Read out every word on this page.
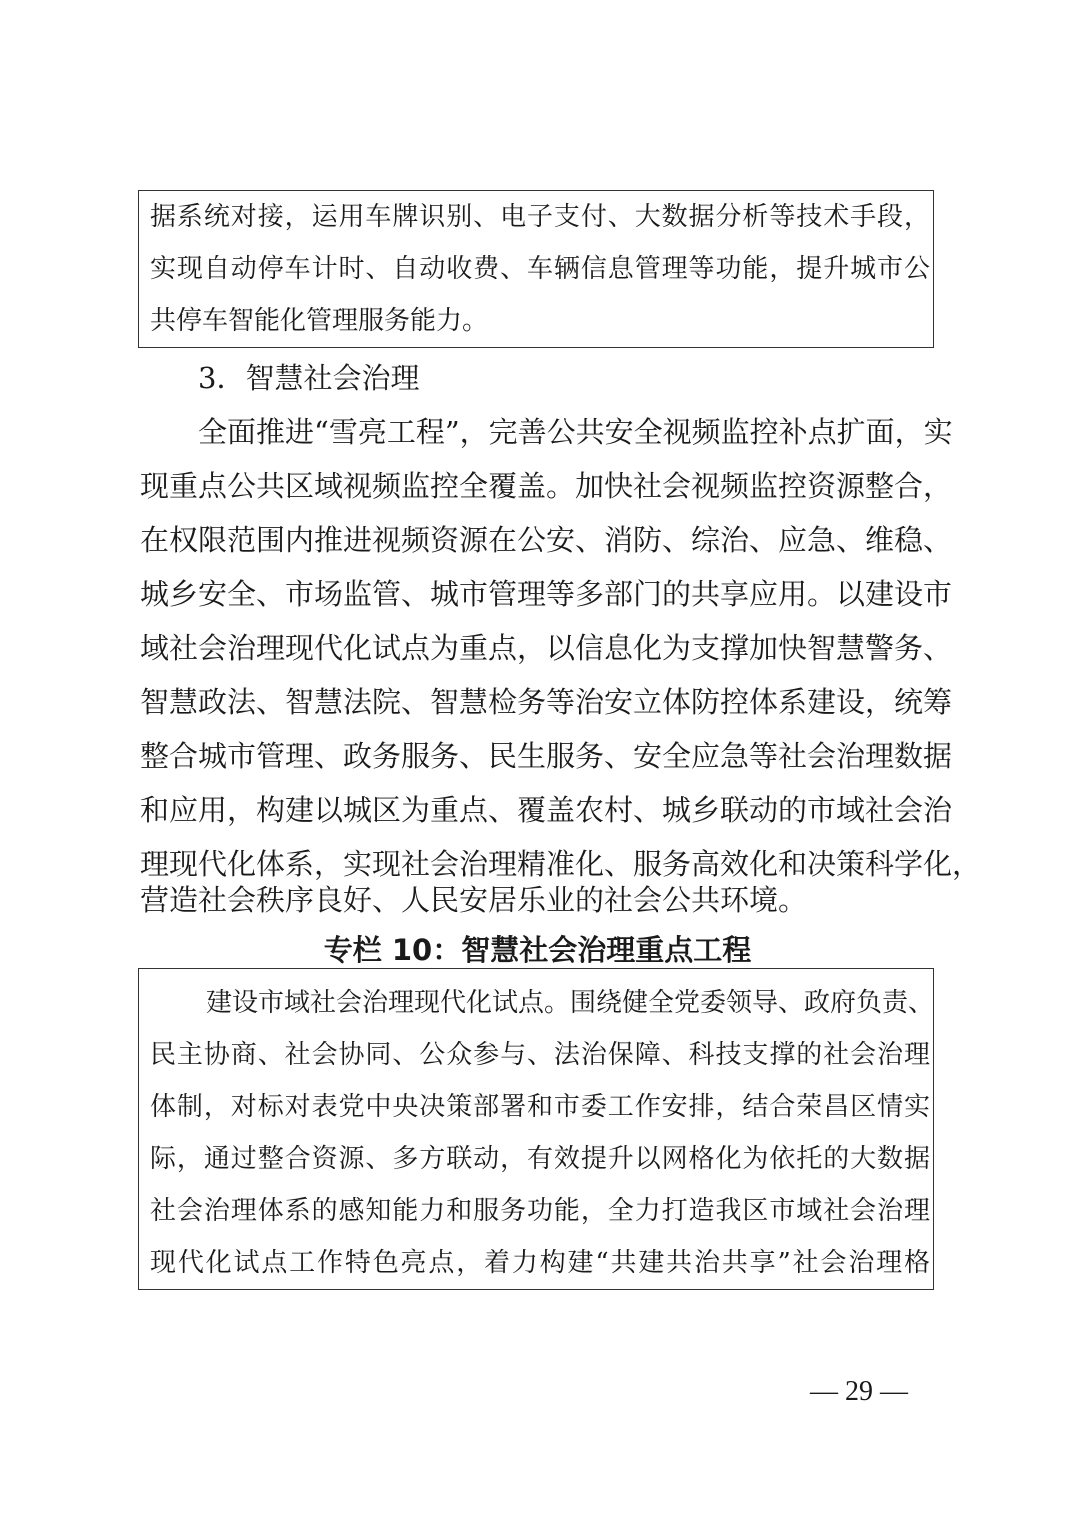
据系统对接，运用车牌识别、电子支付、大数据分析等技术手段，

实现自动停车计时、自动收费、车辆信息管理等功能，提升城市公

共停车智能化管理服务能力。

3．智慧社会治理

全面推进“雪亮工程”，完善公共安全视频监控补点扩面，实

现重点公共区域视频监控全覆盖。加快社会视频监控资源整合，

在权限范围内推进视频资源在公安、消防、综治、应急、维稳、

城乡安全、市场监管、城市管理等多部门的共享应用。以建设市

域社会治理现代化试点为重点，以信息化为支撑加快智慧警务、

智慧政法、智慧法院、智慧检务等治安立体防控体系建设，统筹

整合城市管理、政务服务、民生服务、安全应急等社会治理数据

和应用，构建以城区为重点、覆盖农村、城乡联动的市域社会治

理现代化体系，实现社会治理精准化、服务高效化和决策科学化，

营造社会秩序良好、人民安居乐业的社会公共环境。

专栏 10：智慧社会治理重点工程

建设市域社会治理现代化试点。围绕健全党委领导、政府负责、

民主协商、社会协同、公众参与、法治保障、科技支撑的社会治理

体制，对标对表党中央决策部署和市委工作安排，结合荣昌区情实

际，通过整合资源、多方联动，有效提升以网格化为依托的大数据

社会治理体系的感知能力和服务功能，全力打造我区市域社会治理

现代化试点工作特色亮点，着力构建“共建共治共享”社会治理格

— 29 —
